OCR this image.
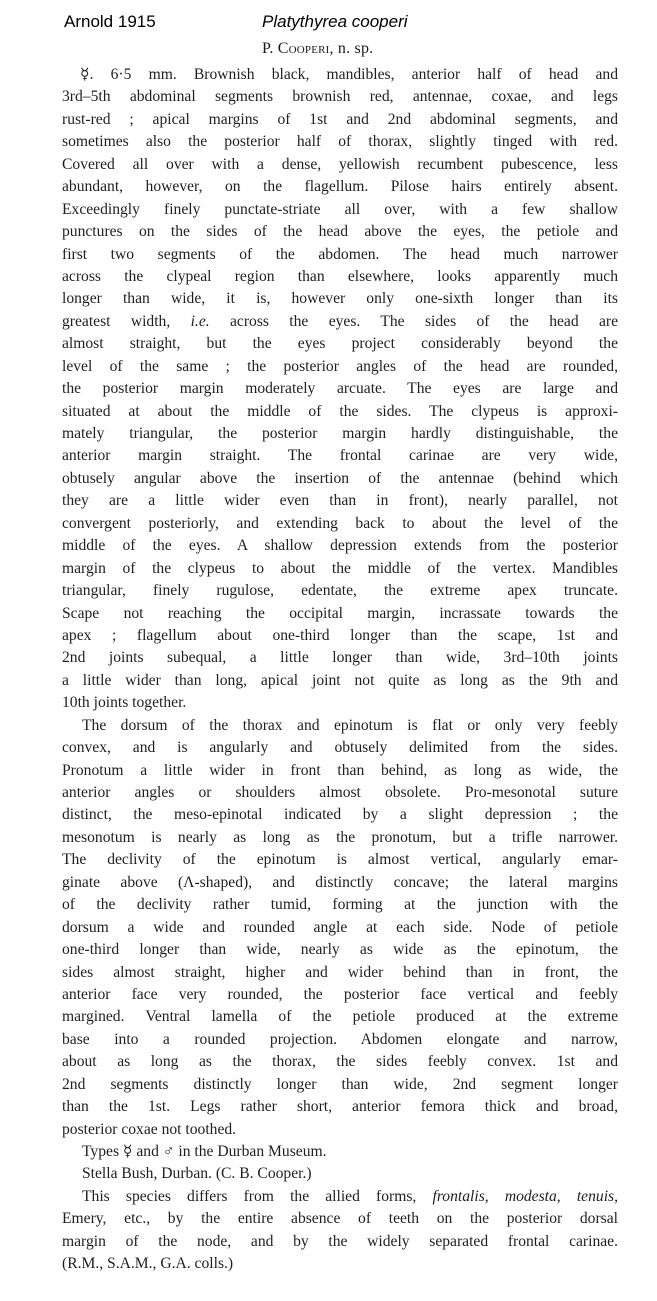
Arnold 1915	Platythyrea cooperi
P. Cooperi, n. sp.
☿. 6·5 mm. Brownish black, mandibles, anterior half of head and
3rd–5th abdominal segments brownish red, antennae, coxae, and legs
rust-red ; apical margins of 1st and 2nd abdominal segments, and
sometimes also the posterior half of thorax, slightly tinged with red.
Covered all over with a dense, yellowish recumbent pubescence, less
abundant, however, on the flagellum. Pilose hairs entirely absent.
Exceedingly finely punctate-striate all over, with a few shallow
punctures on the sides of the head above the eyes, the petiole and
first two segments of the abdomen. The head much narrower
across the clypeal region than elsewhere, looks apparently much
longer than wide, it is, however only one-sixth longer than its
greatest width, i.e. across the eyes. The sides of the head are
almost straight, but the eyes project considerably beyond the
level of the same ; the posterior angles of the head are rounded,
the posterior margin moderately arcuate. The eyes are large and
situated at about the middle of the sides. The clypeus is approxi-
mately triangular, the posterior margin hardly distinguishable, the
anterior margin straight. The frontal carinae are very wide,
obtusely angular above the insertion of the antennae (behind which
they are a little wider even than in front), nearly parallel, not
convergent posteriorly, and extending back to about the level of the
middle of the eyes. A shallow depression extends from the posterior
margin of the clypeus to about the middle of the vertex. Mandibles
triangular, finely rugulose, edentate, the extreme apex truncate.
Scape not reaching the occipital margin, incrassate towards the
apex ; flagellum about one-third longer than the scape, 1st and
2nd joints subequal, a little longer than wide, 3rd–10th joints
a little wider than long, apical joint not quite as long as the 9th and
10th joints together.
The dorsum of the thorax and epinotum is flat or only very feebly
convex, and is angularly and obtusely delimited from the sides.
Pronotum a little wider in front than behind, as long as wide, the
anterior angles or shoulders almost obsolete. Pro-mesonotal suture
distinct, the meso-epinotal indicated by a slight depression ; the
mesonotum is nearly as long as the pronotum, but a trifle narrower.
The declivity of the epinotum is almost vertical, angularly emar-
ginate above (Λ-shaped), and distinctly concave; the lateral margins
of the declivity rather tumid, forming at the junction with the
dorsum a wide and rounded angle at each side. Node of petiole
one-third longer than wide, nearly as wide as the epinotum, the
sides almost straight, higher and wider behind than in front, the
anterior face very rounded, the posterior face vertical and feebly
margined. Ventral lamella of the petiole produced at the extreme
base into a rounded projection. Abdomen elongate and narrow,
about as long as the thorax, the sides feebly convex. 1st and
2nd segments distinctly longer than wide, 2nd segment longer
than the 1st. Legs rather short, anterior femora thick and broad,
posterior coxae not toothed.
Types ☿ and ♂ in the Durban Museum.
Stella Bush, Durban. (C. B. Cooper.)
This species differs from the allied forms, frontalis, modesta, tenuis,
Emery, etc., by the entire absence of teeth on the posterior dorsal
margin of the node, and by the widely separated frontal carinae.
(R.M., S.A.M., G.A. colls.)
